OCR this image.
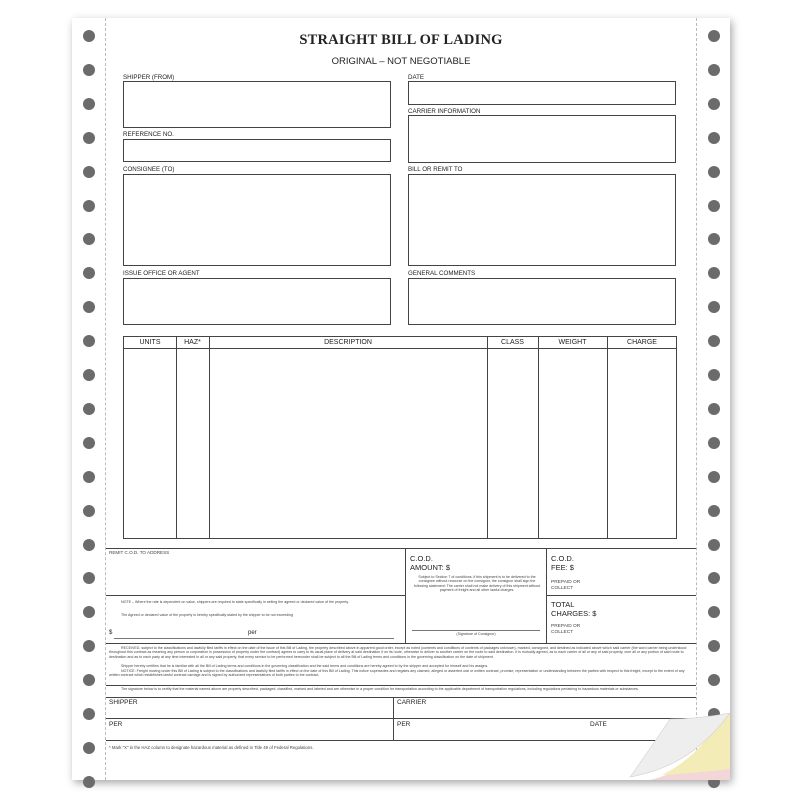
STRAIGHT BILL OF LADING
ORIGINAL – NOT NEGOTIABLE
SHIPPER (FROM)	DATE
CARRIER INFORMATION
REFERENCE NO.
CONSIGNEE (TO)	BILL OR REMIT TO
ISSUE OFFICE OR AGENT	GENERAL COMMENTS
UNITS	HAZ*	DESCRIPTION	CLASS	WEIGHT	CHARGE
REMIT C.O.D. TO ADDRESS
C.O.D.
AMOUNT: $
Subject to Section 7 of conditions, if this shipment is to be delivered to the consignee without recourse on the consignor, the consignor shall sign the following statement: The carrier shall not make delivery of this shipment without payment of freight and all other lawful charges.
(Signature of Consignor)
C.O.D.
FEE: $
PREPAID OR
COLLECT
TOTAL
CHARGES: $
PREPAID OR
COLLECT
NOTE – Where the rate is dependent on value, shippers are required to state specifically in writing the agreed or declared value of the property.
The Agreed or declared value of the property is hereby specifically stated by the shipper to be not exceeding
$	per
RECEIVED, subject to the classifications and lawfully filed tariffs in effect on the date of the issue of this Bill of Lading, the property described above in apparent good order, except as noted (contents and conditions of contents of packages unknown), marked, consigned, and destined as indicated above which said carrier (the word carrier being understood throughout this contract as meaning any person or corporation in possession of property under the contract) agrees to carry to its usual place of delivery at said destination if on its route, otherwise to deliver to another carrier on the route to said destination. It is mutually agreed, as to each carrier of all or any of said property, over all or any portion of said route to destination and as to each party at any time interested in all or any said property, that every service to be performed hereunder shall be subject to all the Bill of Lading terms and conditions in the governing classification on the date of shipment.
Shipper hereby certifies that he is familiar with all the Bill of Lading terms and conditions in the governing classification and the said terms and conditions are hereby agreed to by the shipper and accepted for himself and his assigns.
NOTICE: Freight moving under this Bill of Lading is subject to the classifications and lawfully filed tariffs in effect on the date of this Bill of Lading. This notice supersedes and negates any claimed, alleged or asserted oral or written contract, promise, representation or understanding between the parties with respect to this freight, except to the extent of any written contract which establishes lawful contract carriage and is signed by authorized representatives of both parties to the contract.
The signature below is to certify that the material named above are properly described, packaged, classified, marked and labeled and are otherwise in a proper condition for transportation according to the applicable department of transportation regulations, including regulations pertaining to hazardous materials or substances.
SHIPPER	CARRIER
PER	PER	DATE
* Mark "X" in the HAZ column to designate hazardous material as defined in Title 49 of Federal Regulations.
